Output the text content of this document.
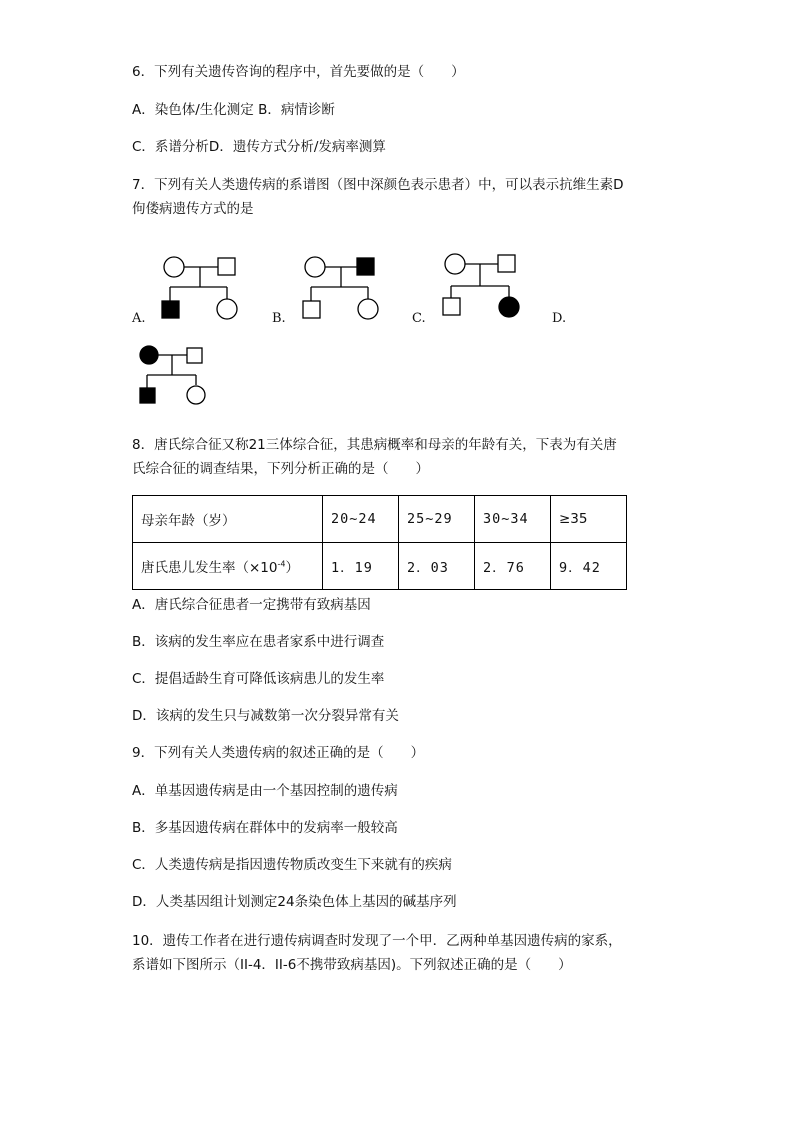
6．下列有关遗传咨询的程序中，首先要做的是（　　）
A．染色体/生化测定 B．病情诊断
C．系谱分析D．遗传方式分析/发病率测算
7．下列有关人类遗传病的系谱图（图中深颜色表示患者）中，可以表示抗维生素D
佝偻病遗传方式的是
A.	B.	C.	D.
8．唐氏综合征又称21三体综合征，其患病概率和母亲的年龄有关，下表为有关唐
氏综合征的调查结果，下列分析正确的是（　　）
母亲年龄（岁）	20~24	25~29	30~34	≥35
唐氏患儿发生率$(\times 10^{-4})$	1．19	2．03	2．76	9．42
A．唐氏综合征患者一定携带有致病基因
B．该病的发生率应在患者家系中进行调查
C．提倡适龄生育可降低该病患儿的发生率
D．该病的发生只与减数第一次分裂异常有关
9．下列有关人类遗传病的叙述正确的是（　　）
A．单基因遗传病是由一个基因控制的遗传病
B．多基因遗传病在群体中的发病率一般较高
C．人类遗传病是指因遗传物质改变生下来就有的疾病
D．人类基因组计划测定24条染色体上基因的碱基序列
10．遗传工作者在进行遗传病调查时发现了一个甲．乙两种单基因遗传病的家系，
系谱如下图所示（II-4．II-6不携带致病基因)。下列叙述正确的是（　　）
